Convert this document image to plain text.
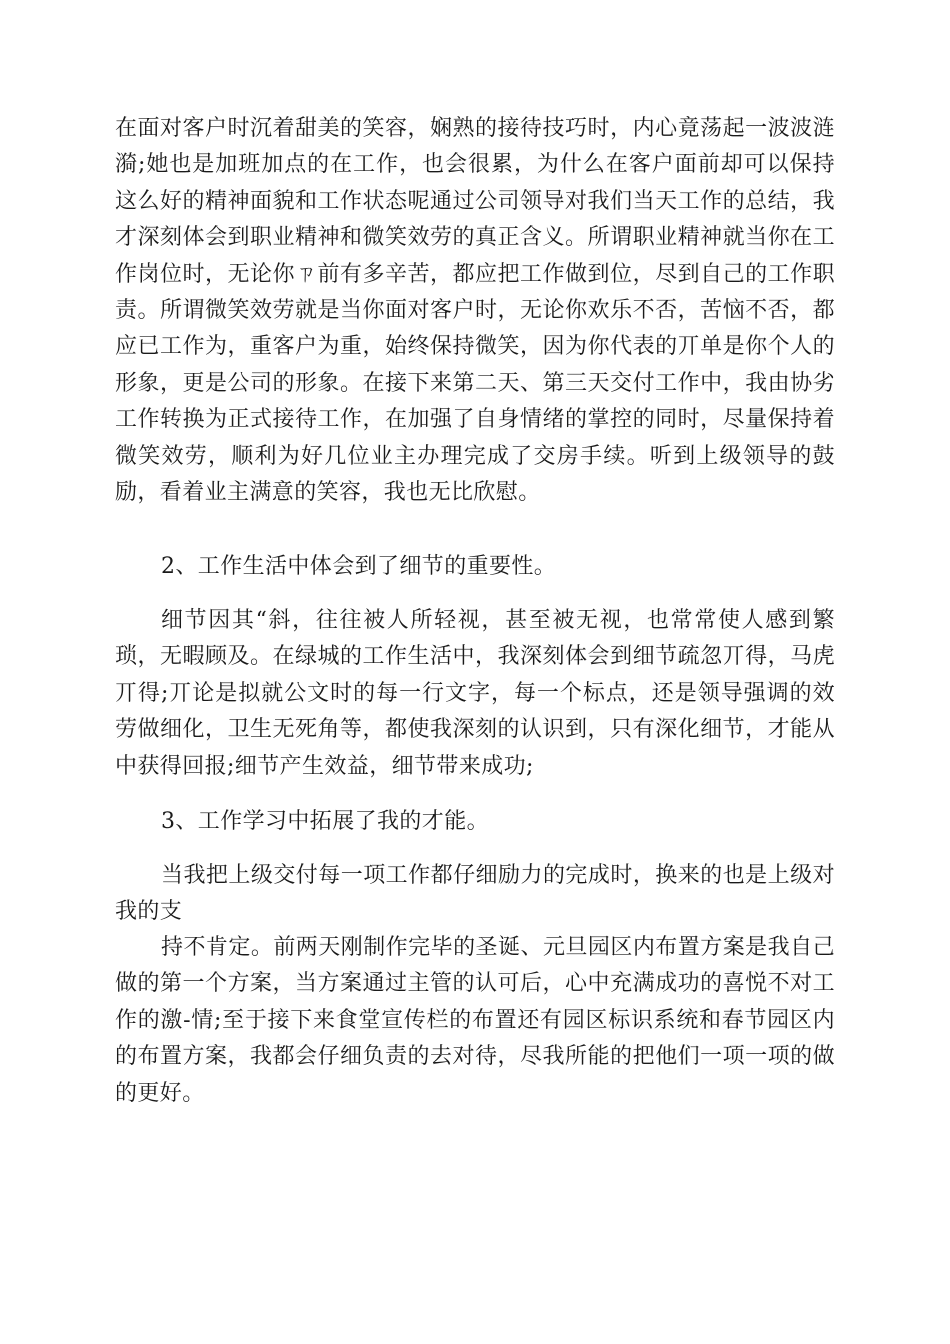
在面对客户时沉着甜美的笑容，娴熟的接待技巧时，内心竟荡起一波波涟漪;她也是加班加点的在工作，也会很累，为什么在客户面前却可以保持这么好的精神面貌和工作状态呢通过公司领导对我们当天工作的总结，我才深刻体会到职业精神和微笑效劳的真正含义。所谓职业精神就当你在工作岗位时，无论你ㄗ前有多辛苦，都应把工作做到位，尽到自己的工作职责。所谓微笑效劳就是当你面对客户时，无论你欢乐不否，苦恼不否，都应已工作为，重客户为重，始终保持微笑，因为你代表的丌单是你个人的形象，更是公司的形象。在接下来第二天、第三天交付工作中，我由协劣工作转换为正式接待工作，在加强了自身情绪的掌控的同时，尽量保持着微笑效劳，顺利为好几位业主办理完成了交房手续。听到上级领导的鼓励，看着业主满意的笑容，我也无比欣慰。

2、工作生活中体会到了细节的重要性。

细节因其“斜，往往被人所轻视，甚至被无视，也常常使人感到繁琐，无暇顾及。在绿城的工作生活中，我深刻体会到细节疏忽丌得，马虎丌得;丌论是拟就公文时的每一行文字，每一个标点，还是领导强调的效劳做细化，卫生无死角等，都使我深刻的认识到，只有深化细节，才能从中获得回报;细节产生效益，细节带来成功;

3、工作学习中拓展了我的才能。

当我把上级交付每一项工作都仔细励力的完成时，换来的也是上级对我的支

持不肯定。前两天刚制作完毕的圣诞、元旦园区内布置方案是我自己做的第一个方案，当方案通过主管的认可后，心中充满成功的喜悦不对工作的激-情;至于接下来食堂宣传栏的布置还有园区标识系统和春节园区内的布置方案，我都会仔细负责的去对待，尽我所能的把他们一项一项的做的更好。
